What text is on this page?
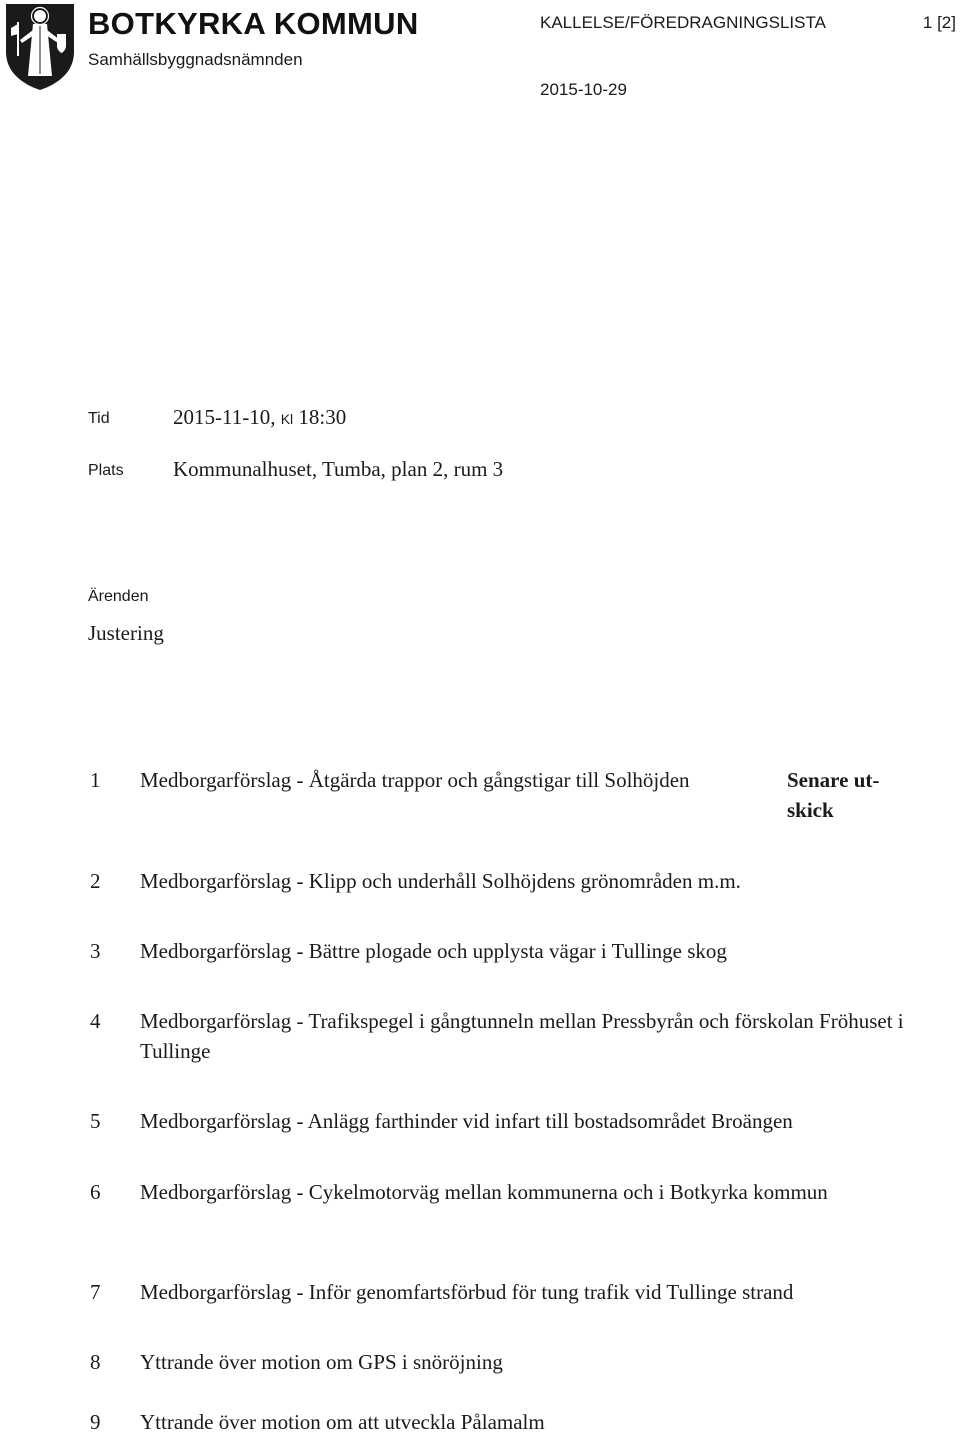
BOTKYRKA KOMMUN
Samhällsbyggnadsnämnden
KALLELSE/FÖREDRAGNINGSLISTA	1 [2]
2015-10-29
Tid	2015-11-10, Kl 18:30
Plats Kommunalhuset, Tumba, plan 2, rum 3
Ärenden
Justering
1	Medborgarförslag - Åtgärda trappor och gångstigar till Solhöjden	Senare ut- skick
2	Medborgarförslag - Klipp och underhåll Solhöjdens grönområden m.m.
3	Medborgarförslag - Bättre plogade och upplysta vägar i Tullinge skog
4	Medborgarförslag - Trafikspegel i gångtunneln mellan Pressbyrån och förskolan Fröhuset i Tullinge
5	Medborgarförslag - Anlägg farthinder vid infart till bostadsområdet Broängen
6	Medborgarförslag - Cykelmotorväg mellan kommunerna och i Botkyrka kommun
7	Medborgarförslag - Inför genomfartsförbud för tung trafik vid Tullinge strand
8	Yttrande över motion om GPS i snöröjning
9	Yttrande över motion om att utveckla Pålamalm
